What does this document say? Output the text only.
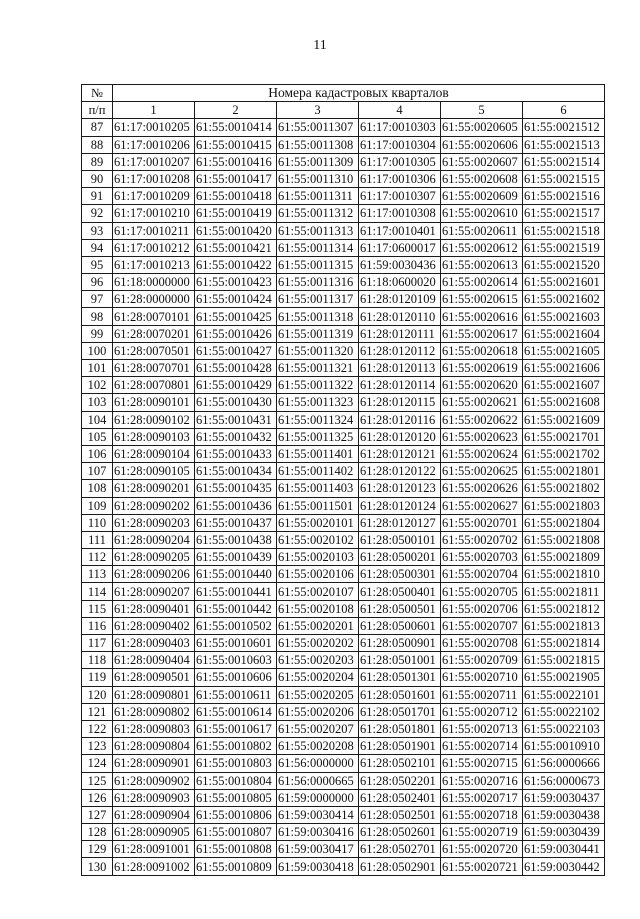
11
№	Номера кадастровых кварталов					
п/п	1	2	3	4	5	6
87	61:17:0010205	61:55:0010414	61:55:0011307	61:17:0010303	61:55:0020605	61:55:0021512
88	61:17:0010206	61:55:0010415	61:55:0011308	61:17:0010304	61:55:0020606	61:55:0021513
89	61:17:0010207	61:55:0010416	61:55:0011309	61:17:0010305	61:55:0020607	61:55:0021514
90	61:17:0010208	61:55:0010417	61:55:0011310	61:17:0010306	61:55:0020608	61:55:0021515
91	61:17:0010209	61:55:0010418	61:55:0011311	61:17:0010307	61:55:0020609	61:55:0021516
92	61:17:0010210	61:55:0010419	61:55:0011312	61:17:0010308	61:55:0020610	61:55:0021517
93	61:17:0010211	61:55:0010420	61:55:0011313	61:17:0010401	61:55:0020611	61:55:0021518
94	61:17:0010212	61:55:0010421	61:55:0011314	61:17:0600017	61:55:0020612	61:55:0021519
95	61:17:0010213	61:55:0010422	61:55:0011315	61:59:0030436	61:55:0020613	61:55:0021520
96	61:18:0000000	61:55:0010423	61:55:0011316	61:18:0600020	61:55:0020614	61:55:0021601
97	61:28:0000000	61:55:0010424	61:55:0011317	61:28:0120109	61:55:0020615	61:55:0021602
98	61:28:0070101	61:55:0010425	61:55:0011318	61:28:0120110	61:55:0020616	61:55:0021603
99	61:28:0070201	61:55:0010426	61:55:0011319	61:28:0120111	61:55:0020617	61:55:0021604
100	61:28:0070501	61:55:0010427	61:55:0011320	61:28:0120112	61:55:0020618	61:55:0021605
101	61:28:0070701	61:55:0010428	61:55:0011321	61:28:0120113	61:55:0020619	61:55:0021606
102	61:28:0070801	61:55:0010429	61:55:0011322	61:28:0120114	61:55:0020620	61:55:0021607
103	61:28:0090101	61:55:0010430	61:55:0011323	61:28:0120115	61:55:0020621	61:55:0021608
104	61:28:0090102	61:55:0010431	61:55:0011324	61:28:0120116	61:55:0020622	61:55:0021609
105	61:28:0090103	61:55:0010432	61:55:0011325	61:28:0120120	61:55:0020623	61:55:0021701
106	61:28:0090104	61:55:0010433	61:55:0011401	61:28:0120121	61:55:0020624	61:55:0021702
107	61:28:0090105	61:55:0010434	61:55:0011402	61:28:0120122	61:55:0020625	61:55:0021801
108	61:28:0090201	61:55:0010435	61:55:0011403	61:28:0120123	61:55:0020626	61:55:0021802
109	61:28:0090202	61:55:0010436	61:55:0011501	61:28:0120124	61:55:0020627	61:55:0021803
110	61:28:0090203	61:55:0010437	61:55:0020101	61:28:0120127	61:55:0020701	61:55:0021804
111	61:28:0090204	61:55:0010438	61:55:0020102	61:28:0500101	61:55:0020702	61:55:0021808
112	61:28:0090205	61:55:0010439	61:55:0020103	61:28:0500201	61:55:0020703	61:55:0021809
113	61:28:0090206	61:55:0010440	61:55:0020106	61:28:0500301	61:55:0020704	61:55:0021810
114	61:28:0090207	61:55:0010441	61:55:0020107	61:28:0500401	61:55:0020705	61:55:0021811
115	61:28:0090401	61:55:0010442	61:55:0020108	61:28:0500501	61:55:0020706	61:55:0021812
116	61:28:0090402	61:55:0010502	61:55:0020201	61:28:0500601	61:55:0020707	61:55:0021813
117	61:28:0090403	61:55:0010601	61:55:0020202	61:28:0500901	61:55:0020708	61:55:0021814
118	61:28:0090404	61:55:0010603	61:55:0020203	61:28:0501001	61:55:0020709	61:55:0021815
119	61:28:0090501	61:55:0010606	61:55:0020204	61:28:0501301	61:55:0020710	61:55:0021905
120	61:28:0090801	61:55:0010611	61:55:0020205	61:28:0501601	61:55:0020711	61:55:0022101
121	61:28:0090802	61:55:0010614	61:55:0020206	61:28:0501701	61:55:0020712	61:55:0022102
122	61:28:0090803	61:55:0010617	61:55:0020207	61:28:0501801	61:55:0020713	61:55:0022103
123	61:28:0090804	61:55:0010802	61:55:0020208	61:28:0501901	61:55:0020714	61:55:0010910
124	61:28:0090901	61:55:0010803	61:56:0000000	61:28:0502101	61:55:0020715	61:56:0000666
125	61:28:0090902	61:55:0010804	61:56:0000665	61:28:0502201	61:55:0020716	61:56:0000673
126	61:28:0090903	61:55:0010805	61:59:0000000	61:28:0502401	61:55:0020717	61:59:0030437
127	61:28:0090904	61:55:0010806	61:59:0030414	61:28:0502501	61:55:0020718	61:59:0030438
128	61:28:0090905	61:55:0010807	61:59:0030416	61:28:0502601	61:55:0020719	61:59:0030439
129	61:28:0091001	61:55:0010808	61:59:0030417	61:28:0502701	61:55:0020720	61:59:0030441
130	61:28:0091002	61:55:0010809	61:59:0030418	61:28:0502901	61:55:0020721	61:59:0030442
